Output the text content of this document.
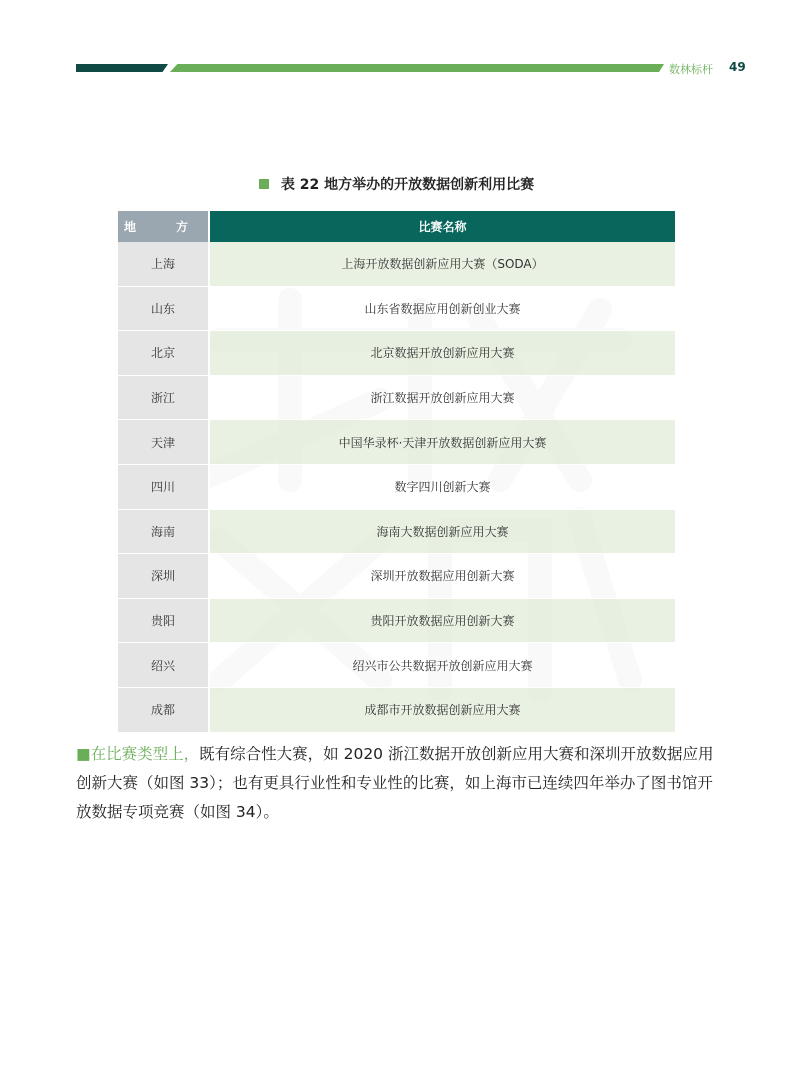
数林标杆 49
表 22 地方举办的开放数据创新利用比赛
地　方	比赛名称
上海	上海开放数据创新应用大赛（SODA）
山东	山东省数据应用创新创业大赛
北京	北京数据开放创新应用大赛
浙江	浙江数据开放创新应用大赛
天津	中国华录杯·天津开放数据创新应用大赛
四川	数字四川创新大赛
海南	海南大数据创新应用大赛
深圳	深圳开放数据应用创新大赛
贵阳	贵阳开放数据应用创新大赛
绍兴	绍兴市公共数据开放创新应用大赛
成都	成都市开放数据创新应用大赛
■在比赛类型上，既有综合性大赛，如 2020 浙江数据开放创新应用大赛和深圳开放数据应用创新大赛（如图 33）；也有更具行业性和专业性的比赛，如上海市已连续四年举办了图书馆开放数据专项竞赛（如图 34）。
